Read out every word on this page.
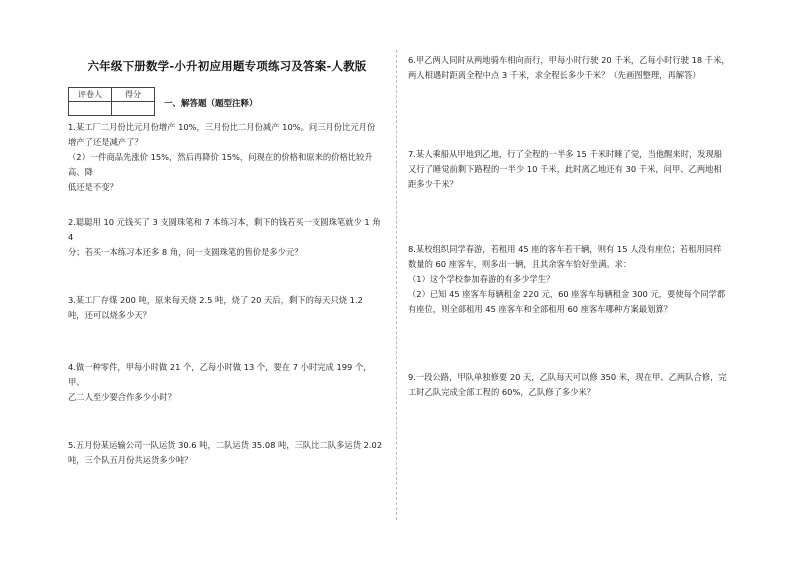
六年级下册数学-小升初应用题专项练习及答案-人教版
评卷人	得分

一、解答题（题型注释）

1.某工厂二月份比元月份增产 10%，三月份比二月份减产 10%。问三月份比元月份

增产了还是减产了？

（2）一件商品先涨价 15%，然后再降价 15%，问现在的价格和原来的价格比较升高、降

低还是不变？

2.聪聪用 10 元钱买了 3 支圆珠笔和 7 本练习本，剩下的钱若买一支圆珠笔就少 1 角 4

分；若买一本练习本还多 8 角，问一支圆珠笔的售价是多少元？

3.某工厂存煤 200 吨，原来每天烧 2.5 吨，烧了 20 天后，剩下的每天只烧 1.2

吨，还可以烧多少天？

4.做一种零件，甲每小时做 21 个，乙每小时做 13 个，要在 7 小时完成 199 个，甲、

乙二人至少要合作多少小时？

5.五月份某运输公司一队运货 30.6 吨，二队运货 35.08 吨，三队比二队多运货 2.02

吨，三个队五月份共运货多少吨？

6.甲乙两人同时从两地骑车相向而行，甲每小时行驶 20 千米，乙每小时行驶 18 千米，

两人相遇时距离全程中点 3 千米，求全程长多少千米？（先画图整理，再解答）

7.某人乘船从甲地到乙地，行了全程的一半多 15 千米时睡了觉，当他醒来时，发现船

又行了睡觉前剩下路程的一半少 10 千米，此时离乙地还有 30 千米，问甲、乙两地相

距多少千米？

8.某校组织同学春游，若租用 45 座的客车若干辆，则有 15 人没有座位；若租用同样

数量的 60 座客车，则多出一辆，且其余客车恰好坐满。求：

（1）这个学校参加春游的有多少学生？

（2）已知 45 座客车每辆租金 220 元，60 座客车每辆租金 300 元，要使每个同学都

有座位，则全部租用 45 座客车和全部租用 60 座客车哪种方案最划算？

9.一段公路，甲队单独修要 20 天，乙队每天可以修 350 米，现在甲、乙两队合修，完

工时乙队完成全部工程的 60%，乙队修了多少米？
